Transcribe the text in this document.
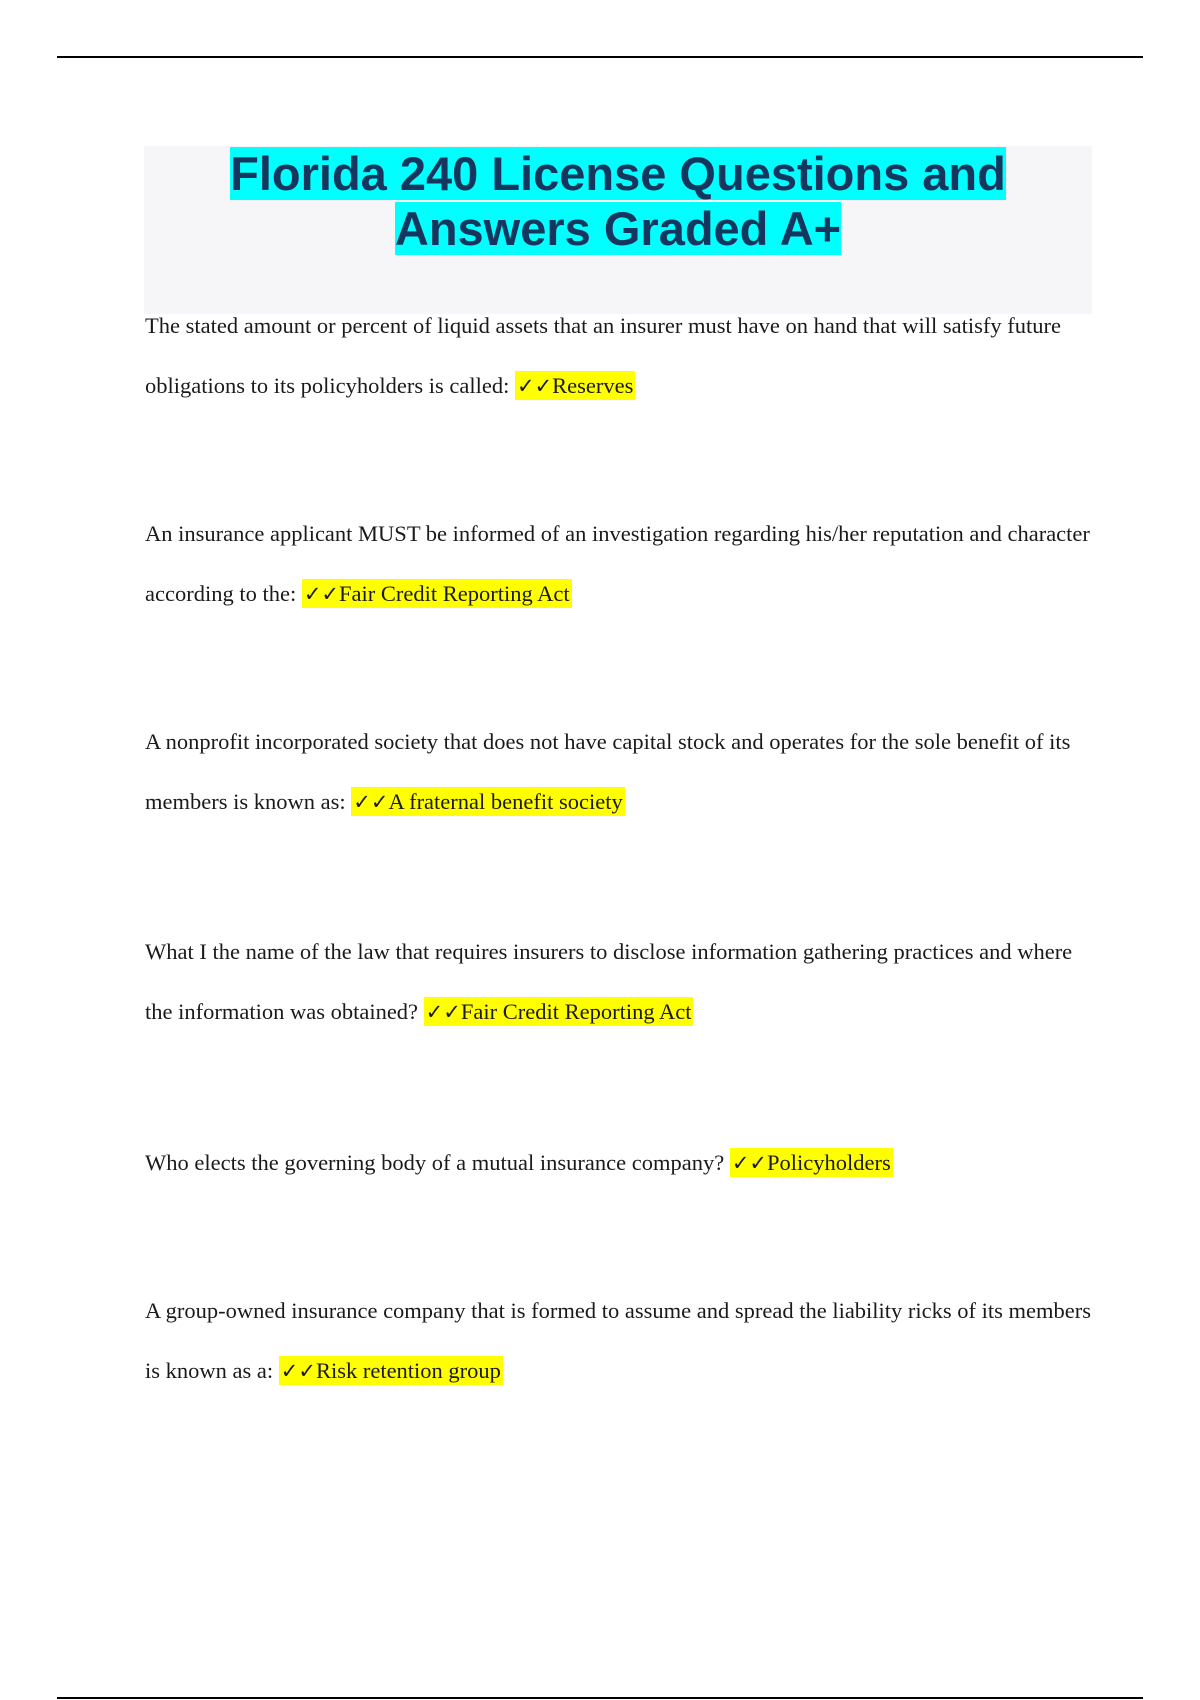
Florida 240 License Questions and
Answers Graded A+

The stated amount or percent of liquid assets that an insurer must have on hand that will satisfy future obligations to its policyholders is called: ✓✓Reserves

An insurance applicant MUST be informed of an investigation regarding his/her reputation and character according to the: ✓✓Fair Credit Reporting Act

A nonprofit incorporated society that does not have capital stock and operates for the sole benefit of its members is known as: ✓✓A fraternal benefit society

What I the name of the law that requires insurers to disclose information gathering practices and where the information was obtained? ✓✓Fair Credit Reporting Act

Who elects the governing body of a mutual insurance company? ✓✓Policyholders

A group-owned insurance company that is formed to assume and spread the liability ricks of its members is known as a: ✓✓Risk retention group
